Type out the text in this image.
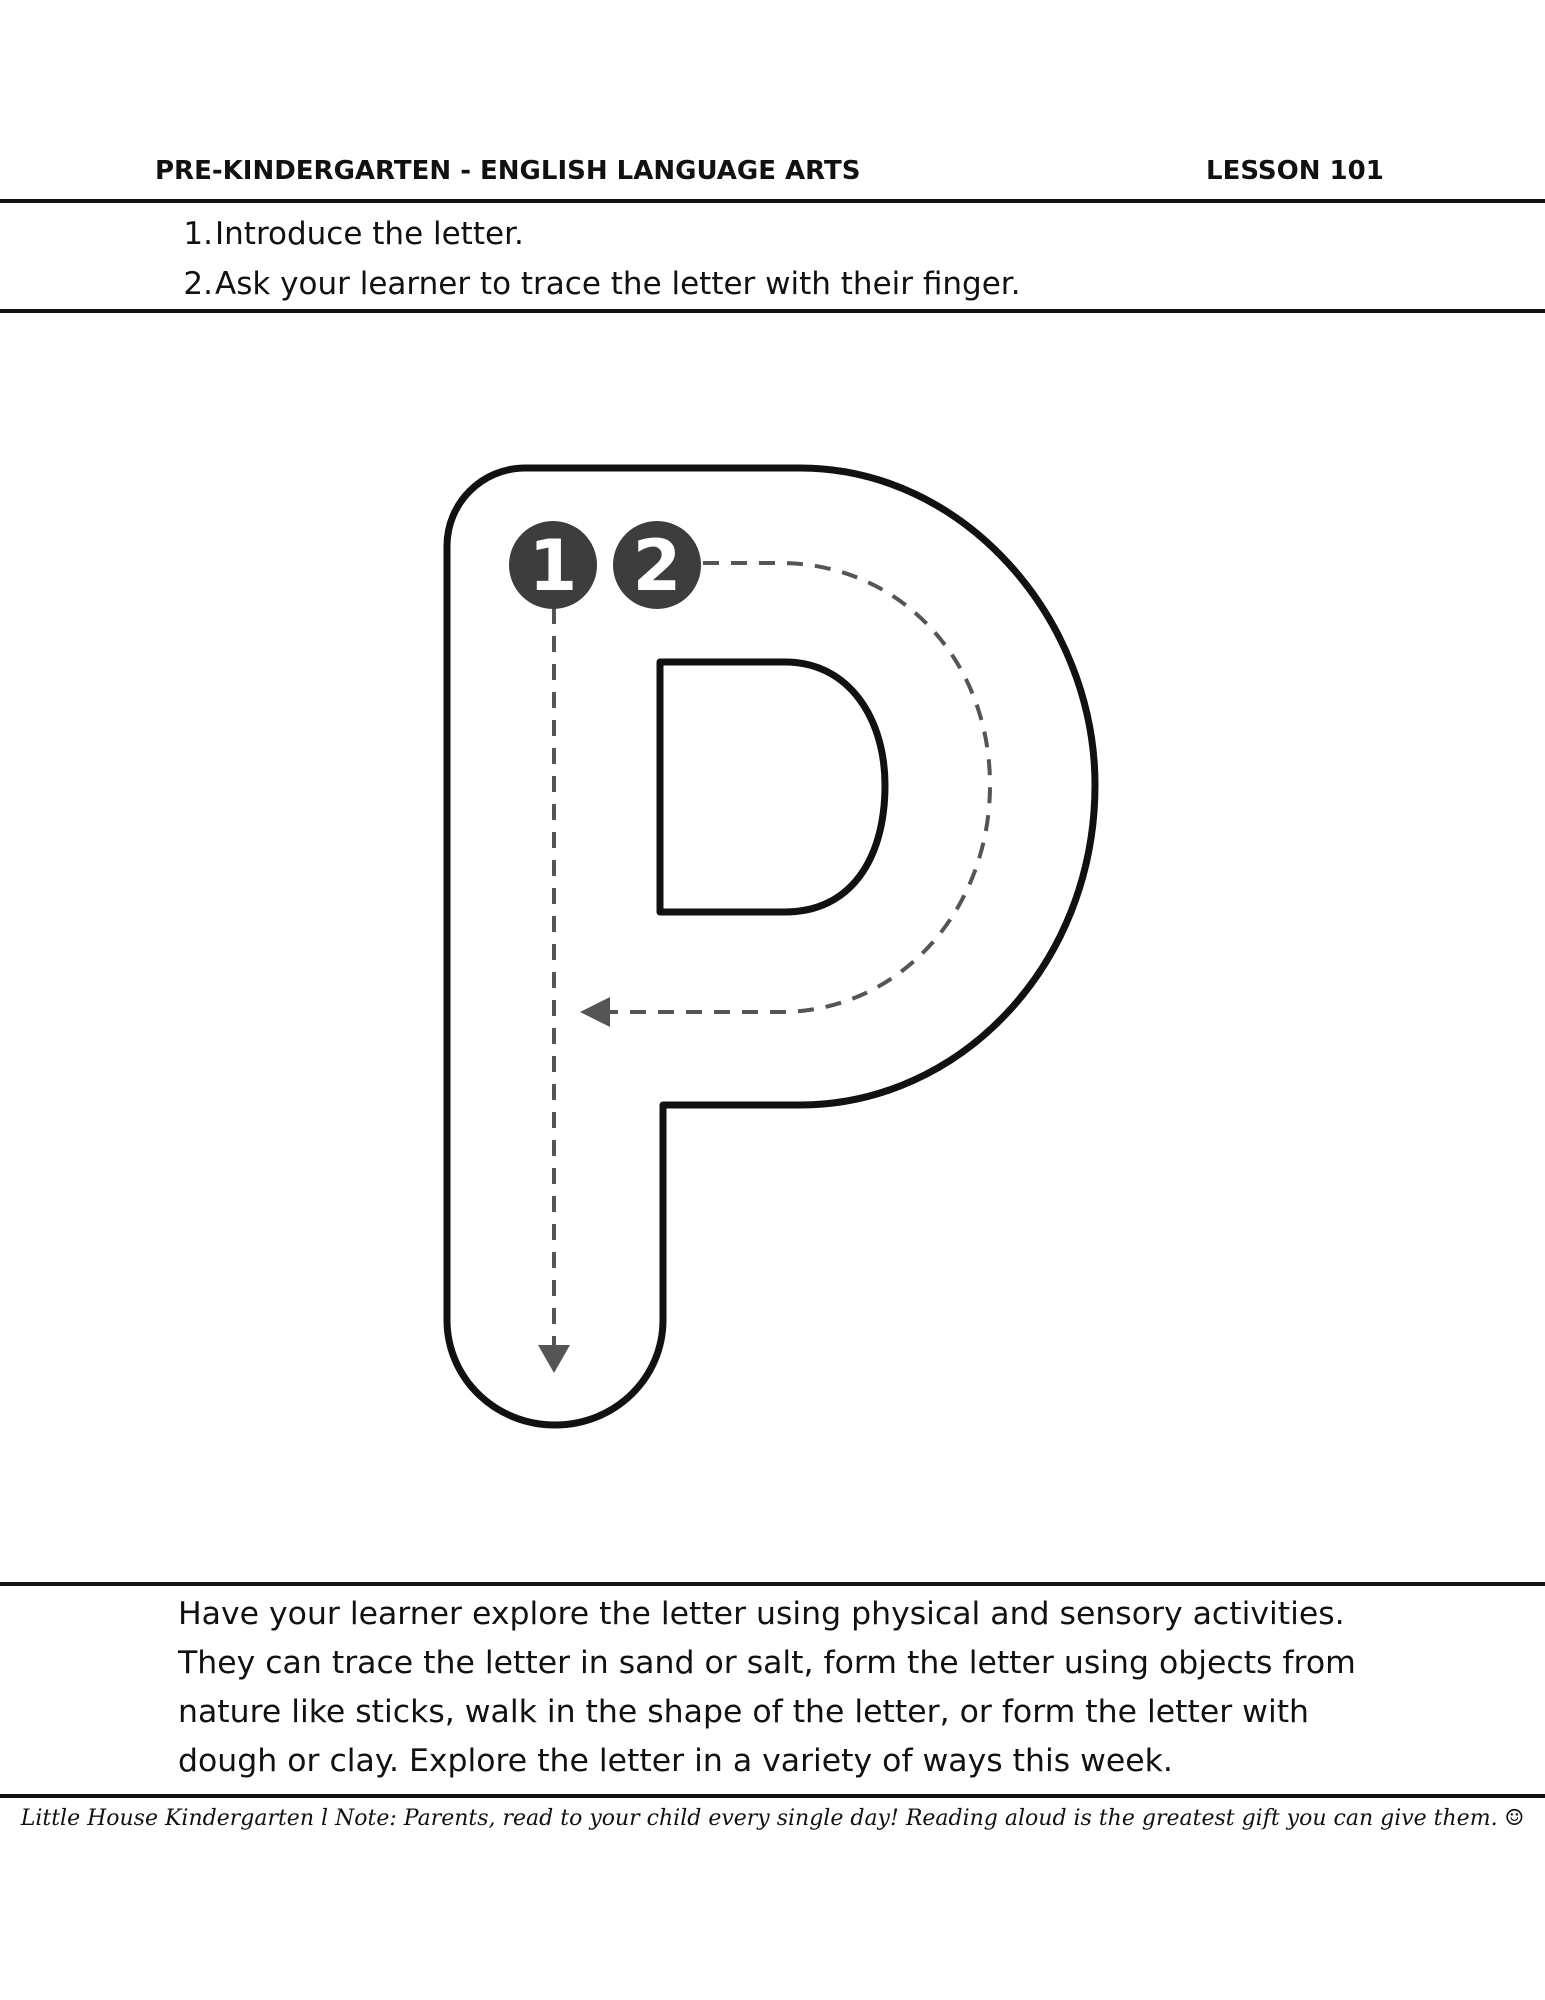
PRE-KINDERGARTEN - ENGLISH LANGUAGE ARTS	LESSON 101
1. Introduce the letter.
2. Ask your learner to trace the letter with their finger.
1 2

Have your learner explore the letter using physical and sensory activities. They can trace the letter in sand or salt, form the letter using objects from nature like sticks, walk in the shape of the letter, or form the letter with dough or clay. Explore the letter in a variety of ways this week.

Little House Kindergarten l Note: Parents, read to your child every single day! Reading aloud is the greatest gift you can give them. ☺
